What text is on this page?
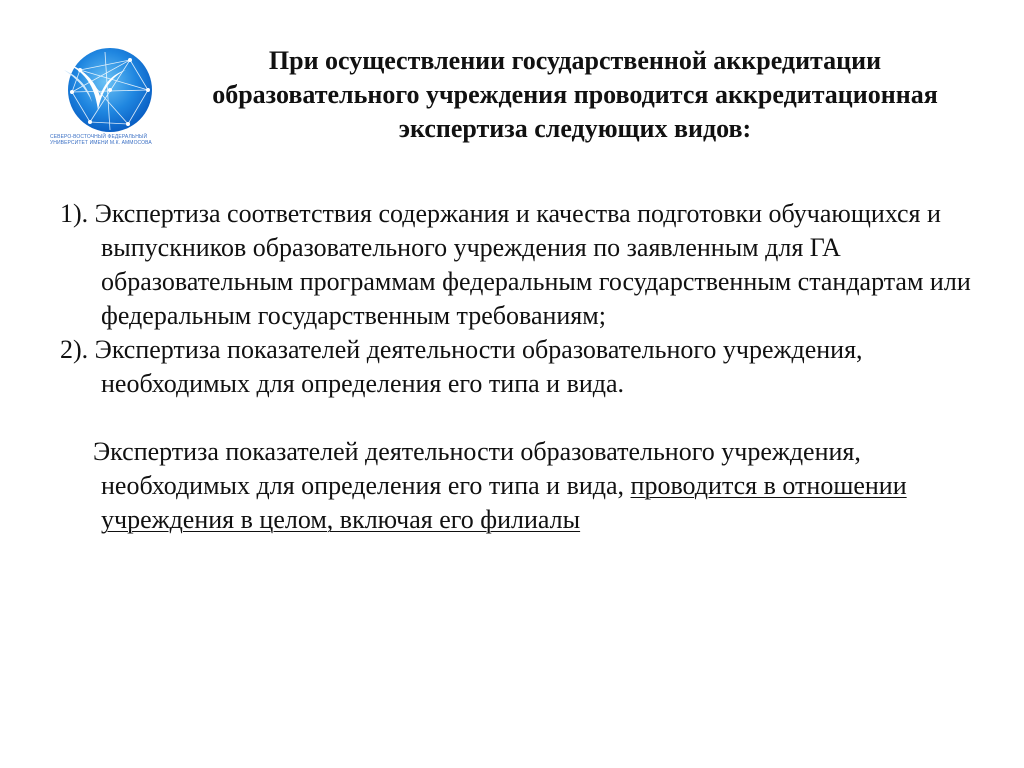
СЕВЕРО-ВОСТОЧНЫЙ ФЕДЕРАЛЬНЫЙ
УНИВЕРСИТЕТ ИМЕНИ М.К. АММОСОВА
При осуществлении государственной аккредитации образовательного учреждения проводится аккредитационная экспертиза следующих видов:

1). Экспертиза соответствия содержания и качества подготовки обучающихся и выпускников образовательного учреждения по заявленным для ГА образовательным программам федеральным государственным стандартам или федеральным государственным требованиям;

2). Экспертиза показателей деятельности образовательного учреждения, необходимых для определения его типа и вида.

Экспертиза показателей деятельности образовательного учреждения, необходимых для определения его типа и вида, проводится в отношении учреждения в целом, включая его филиалы
